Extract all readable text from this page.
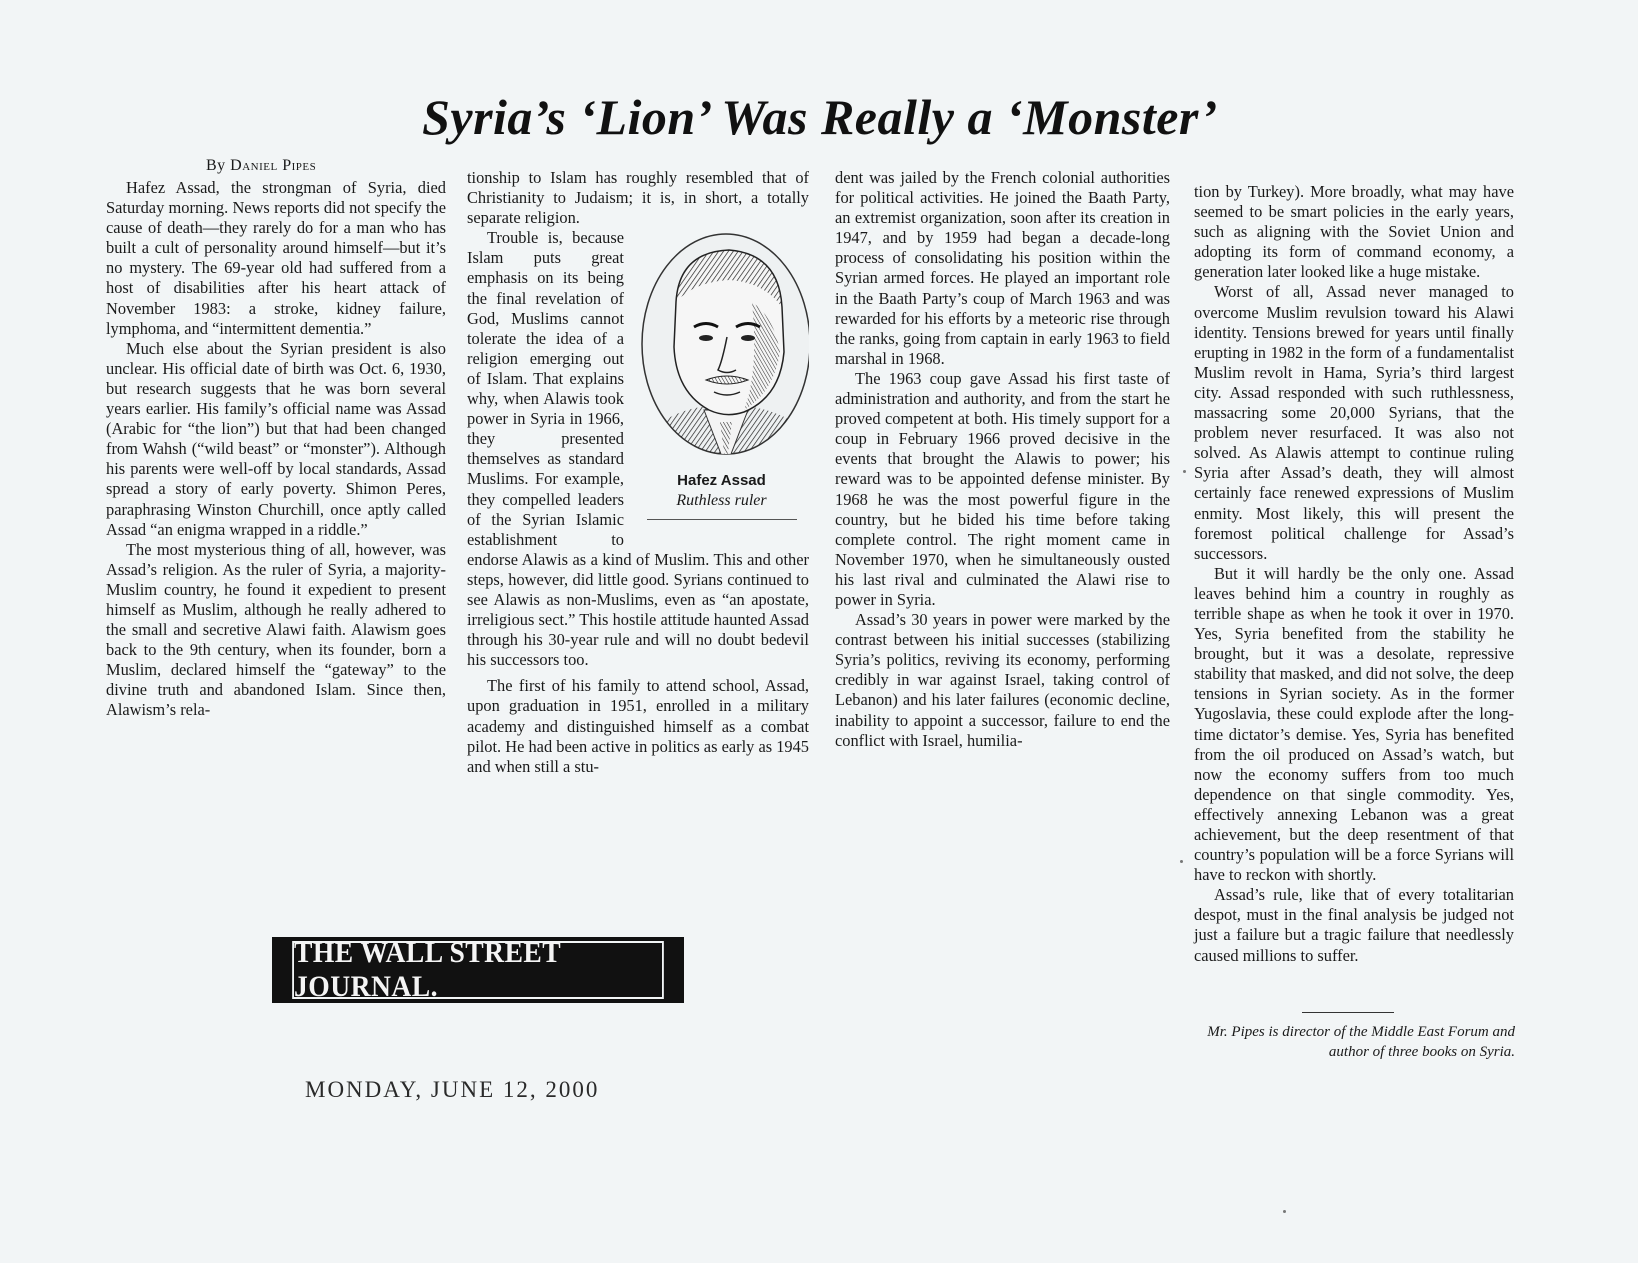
Syria’s ‘Lion’ Was Really a ‘Monster’
By Daniel Pipes

Hafez Assad, the strongman of Syria, died Saturday morning. News reports did not specify the cause of death—they rarely do for a man who has built a cult of personality around himself—but it’s no mystery. The 69-year old had suffered from a host of disabilities after his heart attack of November 1983: a stroke, kidney failure, lymphoma, and “intermittent dementia.”

Much else about the Syrian president is also unclear. His official date of birth was Oct. 6, 1930, but research suggests that he was born several years earlier. His family’s official name was Assad (Arabic for “the lion”) but that had been changed from Wahsh (“wild beast” or “monster”). Although his parents were well-off by local standards, Assad spread a story of early poverty. Shimon Peres, paraphrasing Winston Churchill, once aptly called Assad “an enigma wrapped in a riddle.”

The most mysterious thing of all, however, was Assad’s religion. As the ruler of Syria, a majority-Muslim country, he found it expedient to present himself as Muslim, although he really adhered to the small and secretive Alawi faith. Alawism goes back to the 9th century, when its founder, born a Muslim, declared himself the “gateway” to the divine truth and abandoned Islam. Since then, Alawism’s rela-

tionship to Islam has roughly resembled that of Christianity to Judaism; it is, in short, a totally separate religion.

Hafez Assad
Ruthless ruler

Trouble is, because Islam puts great emphasis on its being the final revelation of God, Muslims cannot tolerate the idea of a religion emerging out of Islam. That explains why, when Alawis took power in Syria in 1966, they presented themselves as standard Muslims. For example, they compelled leaders of the Syrian Islamic establishment to endorse Alawis as a kind of Muslim. This and other steps, however, did little good. Syrians continued to see Alawis as non-Muslims, even as “an apostate, irreligious sect.” This hostile attitude haunted Assad through his 30-year rule and will no doubt bedevil his successors too.

The first of his family to attend school, Assad, upon graduation in 1951, enrolled in a military academy and distinguished himself as a combat pilot. He had been active in politics as early as 1945 and when still a stu-

dent was jailed by the French colonial authorities for political activities. He joined the Baath Party, an extremist organization, soon after its creation in 1947, and by 1959 had began a decade-long process of consolidating his position within the Syrian armed forces. He played an important role in the Baath Party’s coup of March 1963 and was rewarded for his efforts by a meteoric rise through the ranks, going from captain in early 1963 to field marshal in 1968.

The 1963 coup gave Assad his first taste of administration and authority, and from the start he proved competent at both. His timely support for a coup in February 1966 proved decisive in the events that brought the Alawis to power; his reward was to be appointed defense minister. By 1968 he was the most powerful figure in the country, but he bided his time before taking complete control. The right moment came in November 1970, when he simultaneously ousted his last rival and culminated the Alawi rise to power in Syria.

Assad’s 30 years in power were marked by the contrast between his initial successes (stabilizing Syria’s politics, reviving its economy, performing credibly in war against Israel, taking control of Lebanon) and his later failures (economic decline, inability to appoint a successor, failure to end the conflict with Israel, humilia-

tion by Turkey). More broadly, what may have seemed to be smart policies in the early years, such as aligning with the Soviet Union and adopting its form of command economy, a generation later looked like a huge mistake.

Worst of all, Assad never managed to overcome Muslim revulsion toward his Alawi identity. Tensions brewed for years until finally erupting in 1982 in the form of a fundamentalist Muslim revolt in Hama, Syria’s third largest city. Assad responded with such ruthlessness, massacring some 20,000 Syrians, that the problem never resurfaced. It was also not solved. As Alawis attempt to continue ruling Syria after Assad’s death, they will almost certainly face renewed expressions of Muslim enmity. Most likely, this will present the foremost political challenge for Assad’s successors.

But it will hardly be the only one. Assad leaves behind him a country in roughly as terrible shape as when he took it over in 1970. Yes, Syria benefited from the stability he brought, but it was a desolate, repressive stability that masked, and did not solve, the deep tensions in Syrian society. As in the former Yugoslavia, these could explode after the long-time dictator’s demise. Yes, Syria has benefited from the oil produced on Assad’s watch, but now the economy suffers from too much dependence on that single commodity. Yes, effectively annexing Lebanon was a great achievement, but the deep resentment of that country’s population will be a force Syrians will have to reckon with shortly.

Assad’s rule, like that of every totalitarian despot, must in the final analysis be judged not just a failure but a tragic failure that needlessly caused millions to suffer.

Mr. Pipes is director of the Middle East Forum and author of three books on Syria.
THE WALL STREET JOURNAL.
MONDAY, JUNE 12, 2000
